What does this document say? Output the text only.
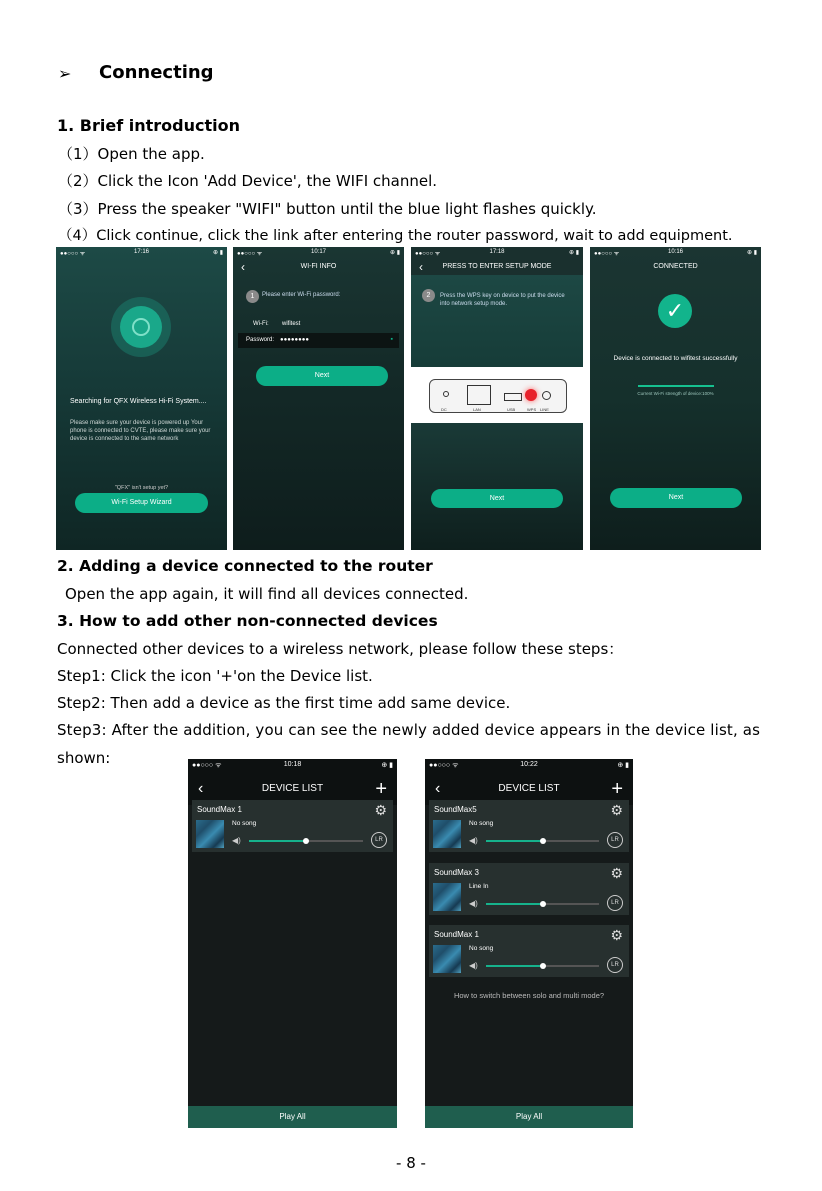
➢ Connecting
1. Brief introduction
（1）Open the app.
（2）Click the Icon 'Add Device', the WIFI channel.
（3）Press the speaker "WIFI" button until the blue light flashes quickly.
（4）Click continue, click the link after entering the router password, wait to add equipment.
●●○○○ ᯤ	17:16	⊕ ▮
Searching for QFX Wireless Hi-Fi System....
Please make sure your device is powered up Your phone is connected to CVTE, please make sure your device is connected to the same network
"QFX" isn't setup yet?
Wi-Fi Setup Wizard
●●○○○ ᯤ	10:17	⊕ ▮
‹	WI-FI INFO
1	Please enter Wi-Fi password:
Wi-Fi: wifitest
Password: ●●●●●●●●	▪
Next
●●○○○ ᯤ	17:18	⊕ ▮
‹	PRESS TO ENTER SETUP MODE
2	Press the WPS key on device to put the device into network setup mode.
DC	LAN	USB	WPS LINE
Next
●●○○○ ᯤ	10:16	⊕ ▮
CONNECTED
✓
Device is connected to wifitest successfully
Current Wi-Fi strength of device:100%
Next
2. Adding a device connected to the router
Open the app again, it will find all devices connected.
3. How to add other non-connected devices
Connected other devices to a wireless network, please follow these steps：
Step1: Click the icon '+'on the Device list.
Step2: Then add a device as the first time add same device.
Step3: After the addition, you can see the newly added device appears in the device list, as
shown:	●●○○○ ᯤ	10:18	⊕ ▮
‹	DEVICE LIST	+
SoundMax 1	⚙
No song
◀)	LR
Play All
●●○○○ ᯤ	10:22	⊕ ▮
‹	DEVICE LIST	+
SoundMax5	⚙
No song
◀)	LR
SoundMax 3	⚙
Line In
◀)	LR
SoundMax 1	⚙
No song
◀)	LR
How to switch between solo and multi mode?
Play All
- 8 -
